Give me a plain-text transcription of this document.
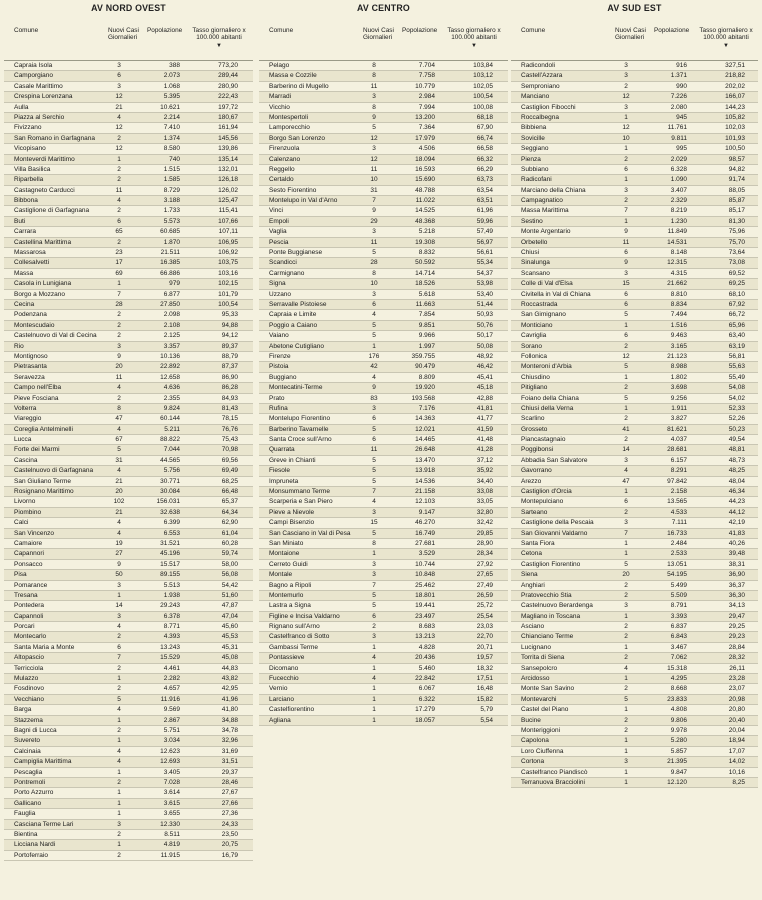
AV NORD OVEST
Comune	Nuovi Casi Giornalieri
Popolazione	Tasso giornaliero x 100.000 abitanti
▼
Capraia Isola	3	388	773,20
Camporgiano	6	2.073	289,44
Casale Marittimo	3	1.068	280,90
Crespina Lorenzana	12	5.395	222,43
Aulla	21	10.621	197,72
Piazza al Serchio	4	2.214	180,67
Fivizzano	12	7.410	161,94
San Romano in Garfagnana	2	1.374	145,56
Vicopisano	12	8.580	139,86
Monteverdi Marittimo	1	740	135,14
Villa Basilica	2	1.515	132,01
Riparbella	2	1.585	126,18
Castagneto Carducci	11	8.729	126,02
Bibbona	4	3.188	125,47
Castiglione di Garfagnana	2	1.733	115,41
Buti	6	5.573	107,66
Carrara	65	60.685	107,11
Castellina Marittima	2	1.870	106,95
Massarosa	23	21.511	106,92
Collesalvetti	17	16.385	103,75
Massa	69	66.886	103,16
Casola in Lunigiana	1	979	102,15
Borgo a Mozzano	7	6.877	101,79
Cecina	28	27.850	100,54
Podenzana	2	2.098	95,33
Montescudaio	2	2.108	94,88
Castelnuovo di Val di Cecina	2	2.125	94,12
Rio	3	3.357	89,37
Montignoso	9	10.136	88,79
Pietrasanta	20	22.892	87,37
Seravezza	11	12.658	86,90
Campo nell'Elba	4	4.636	86,28
Pieve Fosciana	2	2.355	84,93
Volterra	8	9.824	81,43
Viareggio	47	60.144	78,15
Coreglia Antelminelli	4	5.211	76,76
Lucca	67	88.822	75,43
Forte dei Marmi	5	7.044	70,98
Cascina	31	44.565	69,56
Castelnuovo di Garfagnana	4	5.756	69,49
San Giuliano Terme	21	30.771	68,25
Rosignano Marittimo	20	30.084	66,48
Livorno	102	156.031	65,37
Piombino	21	32.638	64,34
Calci	4	6.399	62,90
San Vincenzo	4	6.553	61,04
Camaiore	19	31.521	60,28
Capannori	27	45.196	59,74
Ponsacco	9	15.517	58,00
Pisa	50	89.155	56,08
Pomarance	3	5.513	54,42
Tresana	1	1.938	51,60
Pontedera	14	29.243	47,87
Capannoli	3	6.378	47,04
Porcari	4	8.771	45,60
Montecarlo	2	4.393	45,53
Santa Maria a Monte	6	13.243	45,31
Altopascio	7	15.529	45,08
Terricciola	2	4.461	44,83
Mulazzo	1	2.282	43,82
Fosdinovo	2	4.657	42,95
Vecchiano	5	11.916	41,96
Barga	4	9.569	41,80
Stazzema	1	2.867	34,88
Bagni di Lucca	2	5.751	34,78
Suvereto	1	3.034	32,96
Calcinaia	4	12.623	31,69
Campiglia Marittima	4	12.693	31,51
Pescaglia	1	3.405	29,37
Pontremoli	2	7.028	28,46
Porto Azzurro	1	3.614	27,67
Gallicano	1	3.615	27,66
Fauglia	1	3.655	27,36
Casciana Terme Lari	3	12.330	24,33
Bientina	2	8.511	23,50
Licciana Nardi	1	4.819	20,75
Portoferraio	2	11.915	16,79
AV CENTRO
Comune	Nuovi Casi Giornalieri
Popolazione	Tasso giornaliero x 100.000 abitanti
▼
Pelago	8	7.704	103,84
Massa e Cozzile	8	7.758	103,12
Barberino di Mugello	11	10.779	102,05
Marradi	3	2.984	100,54
Vicchio	8	7.994	100,08
Montespertoli	9	13.200	68,18
Lamporecchio	5	7.364	67,90
Borgo San Lorenzo	12	17.979	66,74
Firenzuola	3	4.506	66,58
Calenzano	12	18.094	66,32
Reggello	11	16.593	66,29
Certaldo	10	15.690	63,73
Sesto Fiorentino	31	48.788	63,54
Montelupo in Val d'Arno	7	11.022	63,51
Vinci	9	14.525	61,96
Empoli	29	48.368	59,96
Vaglia	3	5.218	57,49
Pescia	11	19.308	56,97
Ponte Buggianese	5	8.832	56,61
Scandicci	28	50.592	55,34
Carmignano	8	14.714	54,37
Signa	10	18.526	53,98
Uzzano	3	5.618	53,40
Serravalle Pistoiese	6	11.663	51,44
Capraia e Limite	4	7.854	50,93
Poggio a Caiano	5	9.851	50,76
Vaiano	5	9.966	50,17
Abetone Cutigliano	1	1.997	50,08
Firenze	176	359.755	48,92
Pistoia	42	90.479	46,42
Buggiano	4	8.809	45,41
Montecatini-Terme	9	19.920	45,18
Prato	83	193.568	42,88
Rufina	3	7.176	41,81
Montelupo Fiorentino	6	14.363	41,77
Barberino Tavarnelle	5	12.021	41,59
Santa Croce sull'Arno	6	14.465	41,48
Quarrata	11	26.648	41,28
Greve in Chianti	5	13.470	37,12
Fiesole	5	13.918	35,92
Impruneta	5	14.536	34,40
Monsummano Terme	7	21.158	33,08
Scarperia e San Piero	4	12.103	33,05
Pieve a Nievole	3	9.147	32,80
Campi Bisenzio	15	46.270	32,42
San Casciano in Val di Pesa	5	16.749	29,85
San Miniato	8	27.681	28,90
Montaione	1	3.529	28,34
Cerreto Guidi	3	10.744	27,92
Montale	3	10.848	27,65
Bagno a Ripoli	7	25.462	27,49
Montemurlo	5	18.801	26,59
Lastra a Signa	5	19.441	25,72
Figline e Incisa Valdarno	6	23.497	25,54
Rignano sull'Arno	2	8.683	23,03
Castelfranco di Sotto	3	13.213	22,70
Gambassi Terme	1	4.828	20,71
Pontassieve	4	20.436	19,57
Dicomano	1	5.460	18,32
Fucecchio	4	22.842	17,51
Vernio	1	6.067	16,48
Larciano	1	6.322	15,82
Castelfiorentino	1	17.279	5,79
Agliana	1	18.057	5,54
AV SUD EST
Comune	Nuovi Casi Giornalieri
Popolazione	Tasso giornaliero x 100.000 abitanti
▼
Radicondoli	3	916	327,51
Castell'Azzara	3	1.371	218,82
Semproniano	2	990	202,02
Manciano	12	7.226	166,07
Castiglion Fibocchi	3	2.080	144,23
Roccalbegna	1	945	105,82
Bibbiena	12	11.761	102,03
Sovicille	10	9.811	101,93
Seggiano	1	995	100,50
Pienza	2	2.029	98,57
Subbiano	6	6.328	94,82
Radicofani	1	1.090	91,74
Marciano della Chiana	3	3.407	88,05
Campagnatico	2	2.329	85,87
Massa Marittima	7	8.219	85,17
Sestino	1	1.230	81,30
Monte Argentario	9	11.849	75,96
Orbetello	11	14.531	75,70
Chiusi	6	8.148	73,64
Sinalunga	9	12.315	73,08
Scansano	3	4.315	69,52
Colle di Val d'Elsa	15	21.662	69,25
Civitella in Val di Chiana	6	8.810	68,10
Roccastrada	6	8.834	67,92
San Gimignano	5	7.494	66,72
Monticiano	1	1.516	65,96
Cavriglia	6	9.463	63,40
Sorano	2	3.165	63,19
Follonica	12	21.123	56,81
Monteroni d'Arbia	5	8.988	55,63
Chiusdino	1	1.802	55,49
Pitigliano	2	3.698	54,08
Foiano della Chiana	5	9.256	54,02
Chiusi della Verna	1	1.911	52,33
Scarlino	2	3.827	52,26
Grosseto	41	81.621	50,23
Piancastagnaio	2	4.037	49,54
Poggibonsi	14	28.681	48,81
Abbadia San Salvatore	3	6.157	48,73
Gavorrano	4	8.291	48,25
Arezzo	47	97.842	48,04
Castiglion d'Orcia	1	2.158	46,34
Montepulciano	6	13.565	44,23
Sarteano	2	4.533	44,12
Castiglione della Pescaia	3	7.111	42,19
San Giovanni Valdarno	7	16.733	41,83
Santa Fiora	1	2.484	40,26
Cetona	1	2.533	39,48
Castiglion Fiorentino	5	13.051	38,31
Siena	20	54.195	36,90
Anghiari	2	5.499	36,37
Pratovecchio Stia	2	5.509	36,30
Castelnuovo Berardenga	3	8.791	34,13
Magliano in Toscana	1	3.393	29,47
Asciano	2	6.837	29,25
Chianciano Terme	2	6.843	29,23
Lucignano	1	3.467	28,84
Torrita di Siena	2	7.062	28,32
Sansepolcro	4	15.318	26,11
Arcidosso	1	4.295	23,28
Monte San Savino	2	8.668	23,07
Montevarchi	5	23.833	20,98
Castel del Piano	1	4.808	20,80
Bucine	2	9.806	20,40
Monteriggioni	2	9.978	20,04
Capolona	1	5.280	18,94
Loro Ciuffenna	1	5.857	17,07
Cortona	3	21.395	14,02
Castelfranco Piandiscò	1	9.847	10,16
Terranuova Bracciolini	1	12.120	8,25
